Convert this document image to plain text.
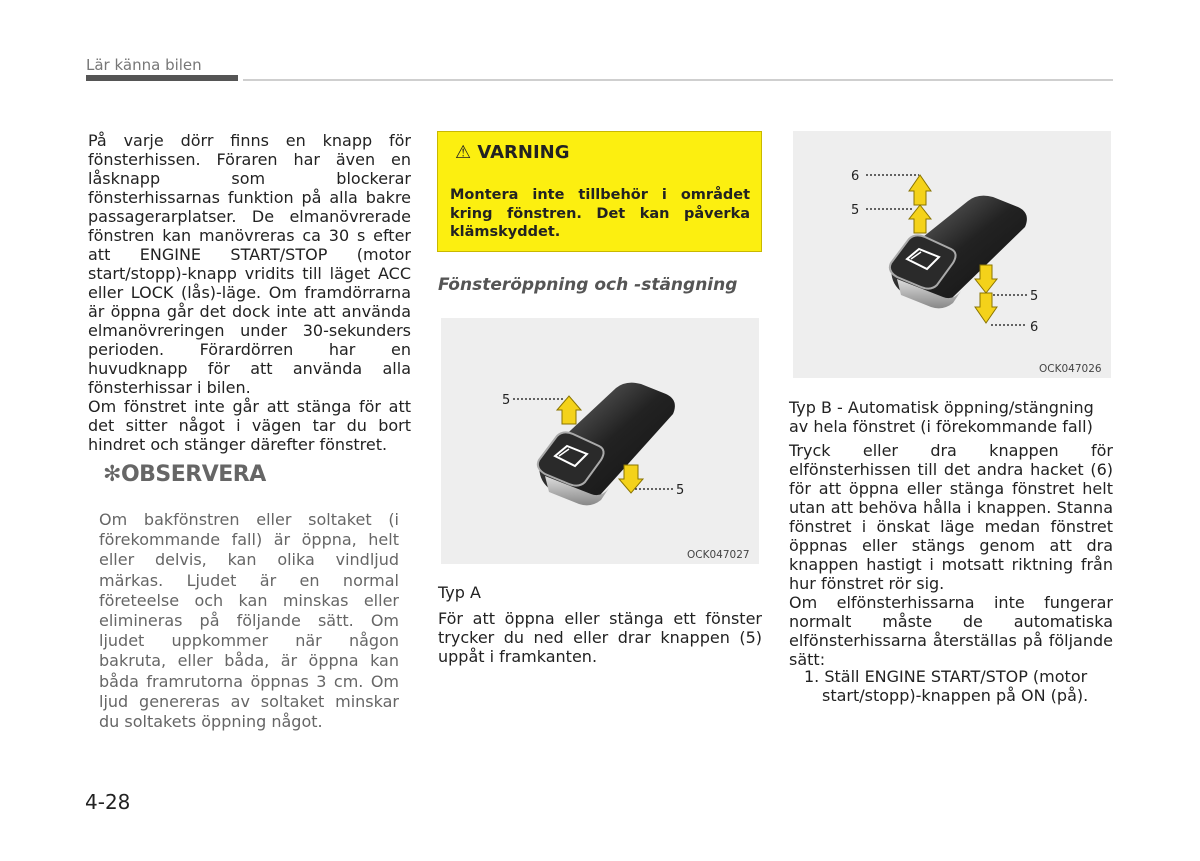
Lär känna bilen

På varje dörr finns en knapp för fönsterhissen. Föraren har även en låsknapp som blockerar fönsterhissarnas funktion på alla bakre passagerarplatser. De elmanövrerade fönstren kan manövreras ca 30 s efter att ENGINE START/STOP (motor start/stopp)-knapp vridits till läget ACC eller LOCK (lås)-läge. Om framdörrarna är öppna går det dock inte att använda elmanövreringen under 30-sekunders perioden. Förardörren har en huvudknapp för att använda alla fönsterhissar i bilen.

Om fönstret inte går att stänga för att det sitter något i vägen tar du bort hindret och stänger därefter fönstret.

✻OBSERVERA
Om bakfönstren eller soltaket (i förekommande fall) är öppna, helt eller delvis, kan olika vindljud märkas. Ljudet är en normal företeelse och kan minskas eller elimineras på följande sätt. Om ljudet uppkommer när någon bakruta, eller båda, är öppna kan båda framrutorna öppnas 3 cm. Om ljud genereras av soltaket minskar du soltakets öppning något.
⚠ VARNING
Montera inte tillbehör i området kring fönstren. Det kan påverka klämskyddet.
Fönsteröppning och -stängning
5
5
OCK047027
Typ A
För att öppna eller stänga ett fönster trycker du ned eller drar knappen (5) uppåt i framkanten.
6
5
5
6
OCK047026
Typ B - Automatisk öppning/stängning av hela fönstret (i förekommande fall)

Tryck eller dra knappen för elfönsterhissen till det andra hacket (6) för att öppna eller stänga fönstret helt utan att behöva hålla i knappen. Stanna fönstret i önskat läge medan fönstret öppnas eller stängs genom att dra knappen hastigt i motsatt riktning från hur fönstret rör sig.

Om elfönsterhissarna inte fungerar normalt måste de automatiska elfönsterhissarna återställas på följande sätt:

1. Ställ ENGINE START/STOP (motor start/stopp)-knappen på ON (på).
4-28
